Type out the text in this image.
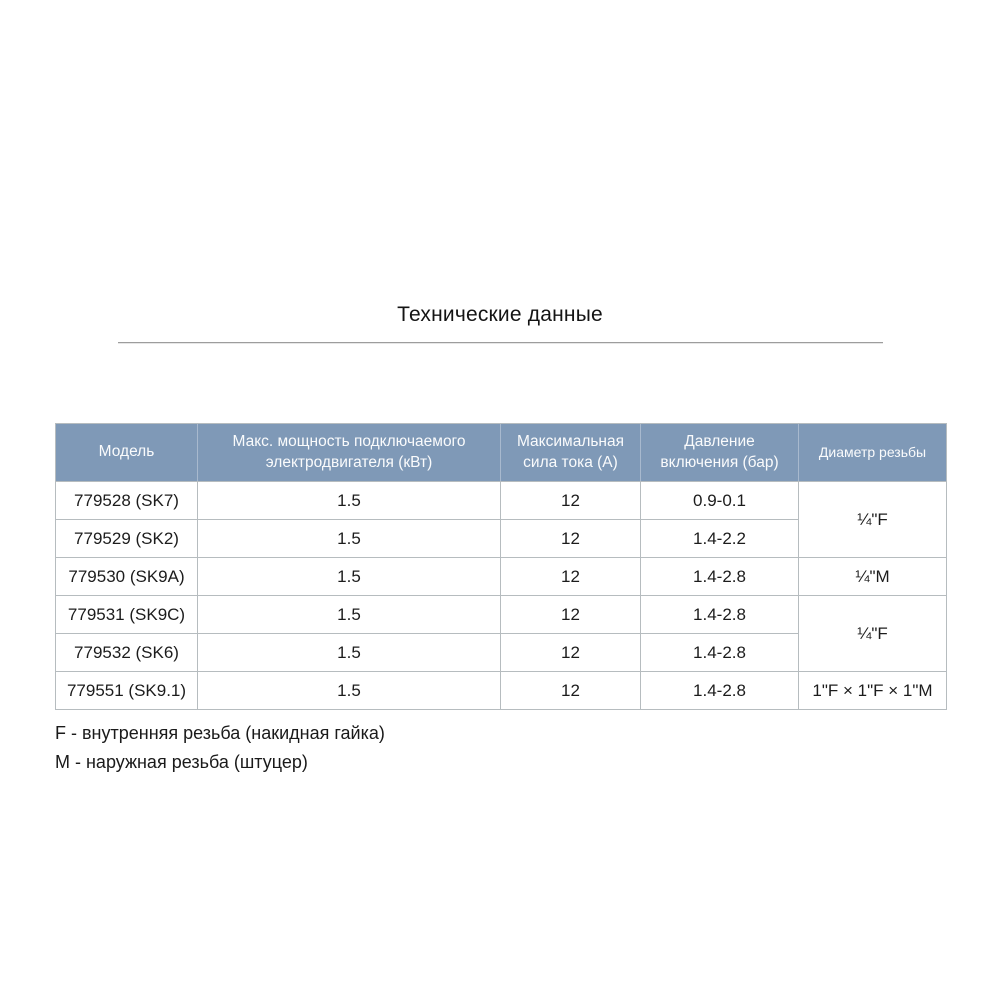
Технические данные
Модель	Макс. мощность подключаемого электродвигателя (кВт)	Максимальная сила тока (А)	Давление включения (бар)	Диаметр резьбы
779528 (SK7)	1.5	12	0.9-0.1	¼"F
779529 (SK2)	1.5	12	1.4-2.2	
779530 (SK9A)	1.5	12	1.4-2.8	¼"M
779531 (SK9C)	1.5	12	1.4-2.8	¼"F
779532 (SK6)	1.5	12	1.4-2.8	
779551 (SK9.1)	1.5	12	1.4-2.8	1"F × 1"F × 1"M
F - внутренняя резьба (накидная гайка)
M - наружная резьба (штуцер)
